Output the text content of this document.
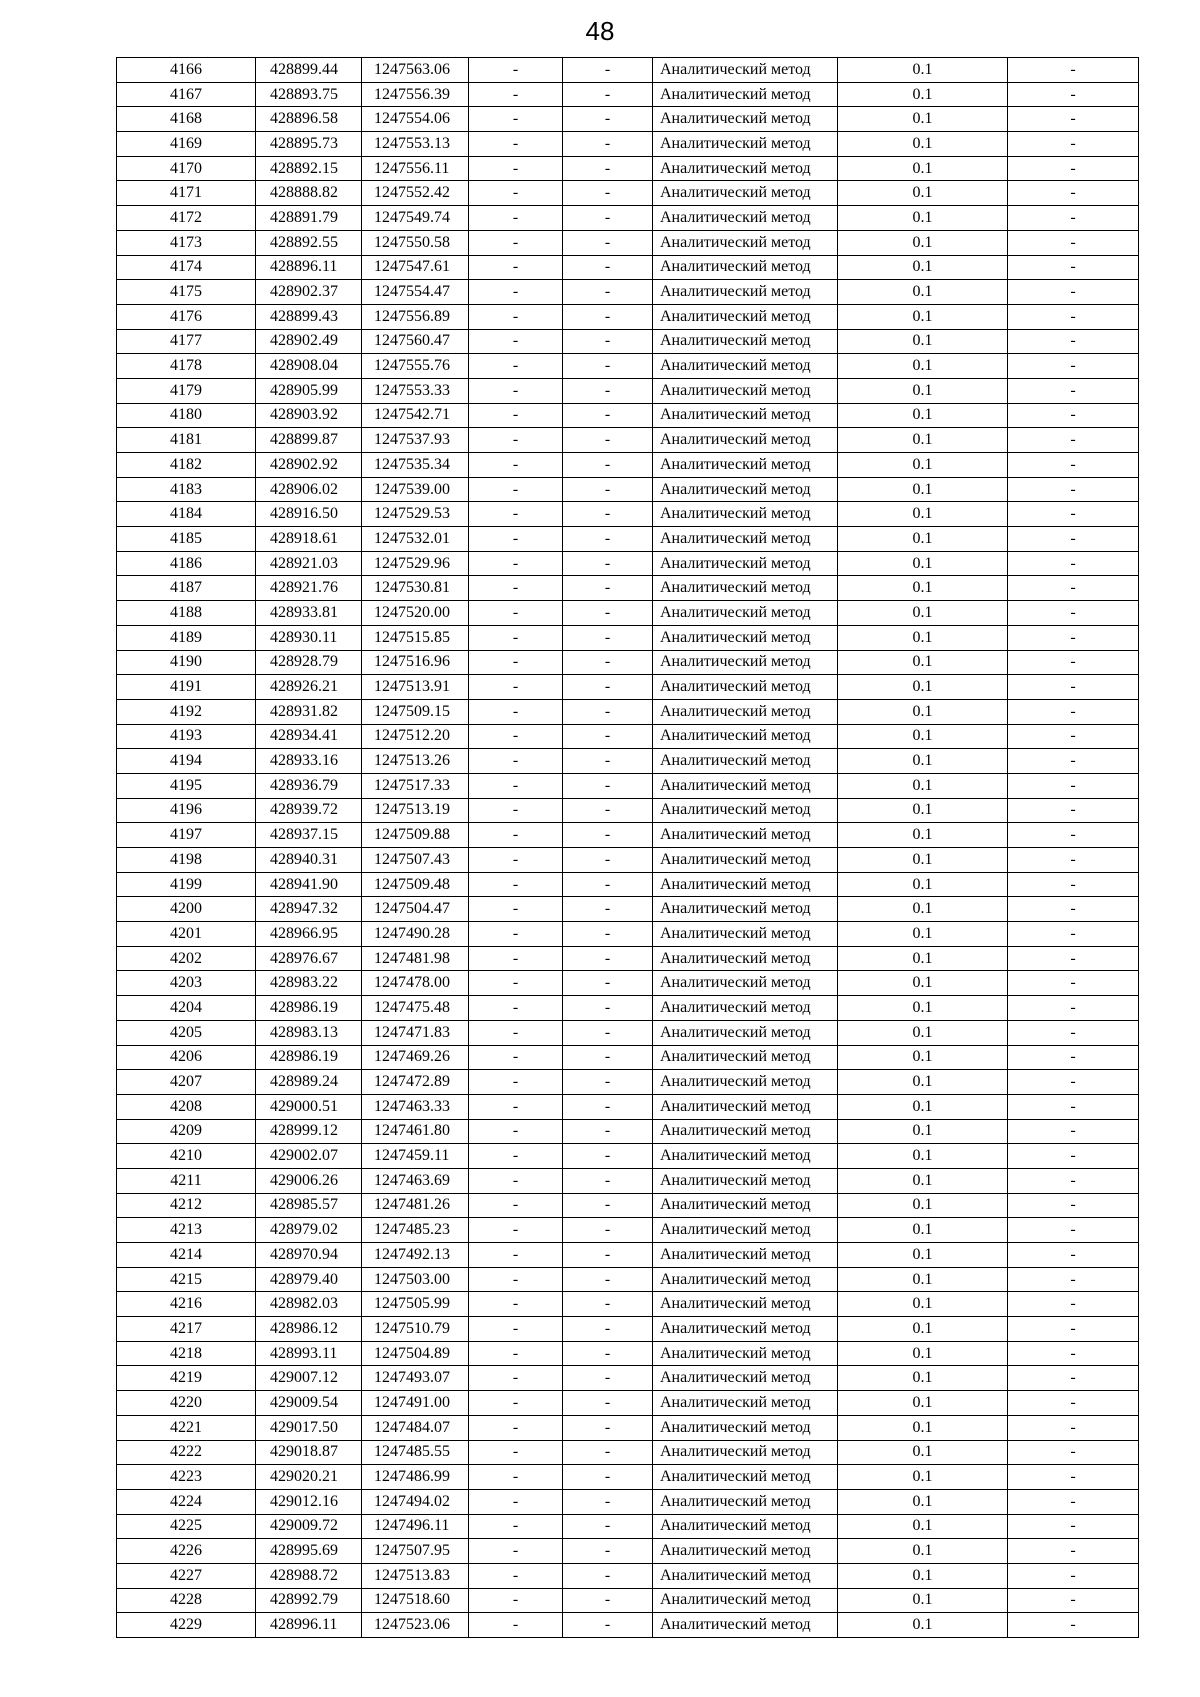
48
4166	428899.44	1247563.06	-	-	Аналитический метод	0.1	-
4167	428893.75	1247556.39	-	-	Аналитический метод	0.1	-
4168	428896.58	1247554.06	-	-	Аналитический метод	0.1	-
4169	428895.73	1247553.13	-	-	Аналитический метод	0.1	-
4170	428892.15	1247556.11	-	-	Аналитический метод	0.1	-
4171	428888.82	1247552.42	-	-	Аналитический метод	0.1	-
4172	428891.79	1247549.74	-	-	Аналитический метод	0.1	-
4173	428892.55	1247550.58	-	-	Аналитический метод	0.1	-
4174	428896.11	1247547.61	-	-	Аналитический метод	0.1	-
4175	428902.37	1247554.47	-	-	Аналитический метод	0.1	-
4176	428899.43	1247556.89	-	-	Аналитический метод	0.1	-
4177	428902.49	1247560.47	-	-	Аналитический метод	0.1	-
4178	428908.04	1247555.76	-	-	Аналитический метод	0.1	-
4179	428905.99	1247553.33	-	-	Аналитический метод	0.1	-
4180	428903.92	1247542.71	-	-	Аналитический метод	0.1	-
4181	428899.87	1247537.93	-	-	Аналитический метод	0.1	-
4182	428902.92	1247535.34	-	-	Аналитический метод	0.1	-
4183	428906.02	1247539.00	-	-	Аналитический метод	0.1	-
4184	428916.50	1247529.53	-	-	Аналитический метод	0.1	-
4185	428918.61	1247532.01	-	-	Аналитический метод	0.1	-
4186	428921.03	1247529.96	-	-	Аналитический метод	0.1	-
4187	428921.76	1247530.81	-	-	Аналитический метод	0.1	-
4188	428933.81	1247520.00	-	-	Аналитический метод	0.1	-
4189	428930.11	1247515.85	-	-	Аналитический метод	0.1	-
4190	428928.79	1247516.96	-	-	Аналитический метод	0.1	-
4191	428926.21	1247513.91	-	-	Аналитический метод	0.1	-
4192	428931.82	1247509.15	-	-	Аналитический метод	0.1	-
4193	428934.41	1247512.20	-	-	Аналитический метод	0.1	-
4194	428933.16	1247513.26	-	-	Аналитический метод	0.1	-
4195	428936.79	1247517.33	-	-	Аналитический метод	0.1	-
4196	428939.72	1247513.19	-	-	Аналитический метод	0.1	-
4197	428937.15	1247509.88	-	-	Аналитический метод	0.1	-
4198	428940.31	1247507.43	-	-	Аналитический метод	0.1	-
4199	428941.90	1247509.48	-	-	Аналитический метод	0.1	-
4200	428947.32	1247504.47	-	-	Аналитический метод	0.1	-
4201	428966.95	1247490.28	-	-	Аналитический метод	0.1	-
4202	428976.67	1247481.98	-	-	Аналитический метод	0.1	-
4203	428983.22	1247478.00	-	-	Аналитический метод	0.1	-
4204	428986.19	1247475.48	-	-	Аналитический метод	0.1	-
4205	428983.13	1247471.83	-	-	Аналитический метод	0.1	-
4206	428986.19	1247469.26	-	-	Аналитический метод	0.1	-
4207	428989.24	1247472.89	-	-	Аналитический метод	0.1	-
4208	429000.51	1247463.33	-	-	Аналитический метод	0.1	-
4209	428999.12	1247461.80	-	-	Аналитический метод	0.1	-
4210	429002.07	1247459.11	-	-	Аналитический метод	0.1	-
4211	429006.26	1247463.69	-	-	Аналитический метод	0.1	-
4212	428985.57	1247481.26	-	-	Аналитический метод	0.1	-
4213	428979.02	1247485.23	-	-	Аналитический метод	0.1	-
4214	428970.94	1247492.13	-	-	Аналитический метод	0.1	-
4215	428979.40	1247503.00	-	-	Аналитический метод	0.1	-
4216	428982.03	1247505.99	-	-	Аналитический метод	0.1	-
4217	428986.12	1247510.79	-	-	Аналитический метод	0.1	-
4218	428993.11	1247504.89	-	-	Аналитический метод	0.1	-
4219	429007.12	1247493.07	-	-	Аналитический метод	0.1	-
4220	429009.54	1247491.00	-	-	Аналитический метод	0.1	-
4221	429017.50	1247484.07	-	-	Аналитический метод	0.1	-
4222	429018.87	1247485.55	-	-	Аналитический метод	0.1	-
4223	429020.21	1247486.99	-	-	Аналитический метод	0.1	-
4224	429012.16	1247494.02	-	-	Аналитический метод	0.1	-
4225	429009.72	1247496.11	-	-	Аналитический метод	0.1	-
4226	428995.69	1247507.95	-	-	Аналитический метод	0.1	-
4227	428988.72	1247513.83	-	-	Аналитический метод	0.1	-
4228	428992.79	1247518.60	-	-	Аналитический метод	0.1	-
4229	428996.11	1247523.06	-	-	Аналитический метод	0.1	-
